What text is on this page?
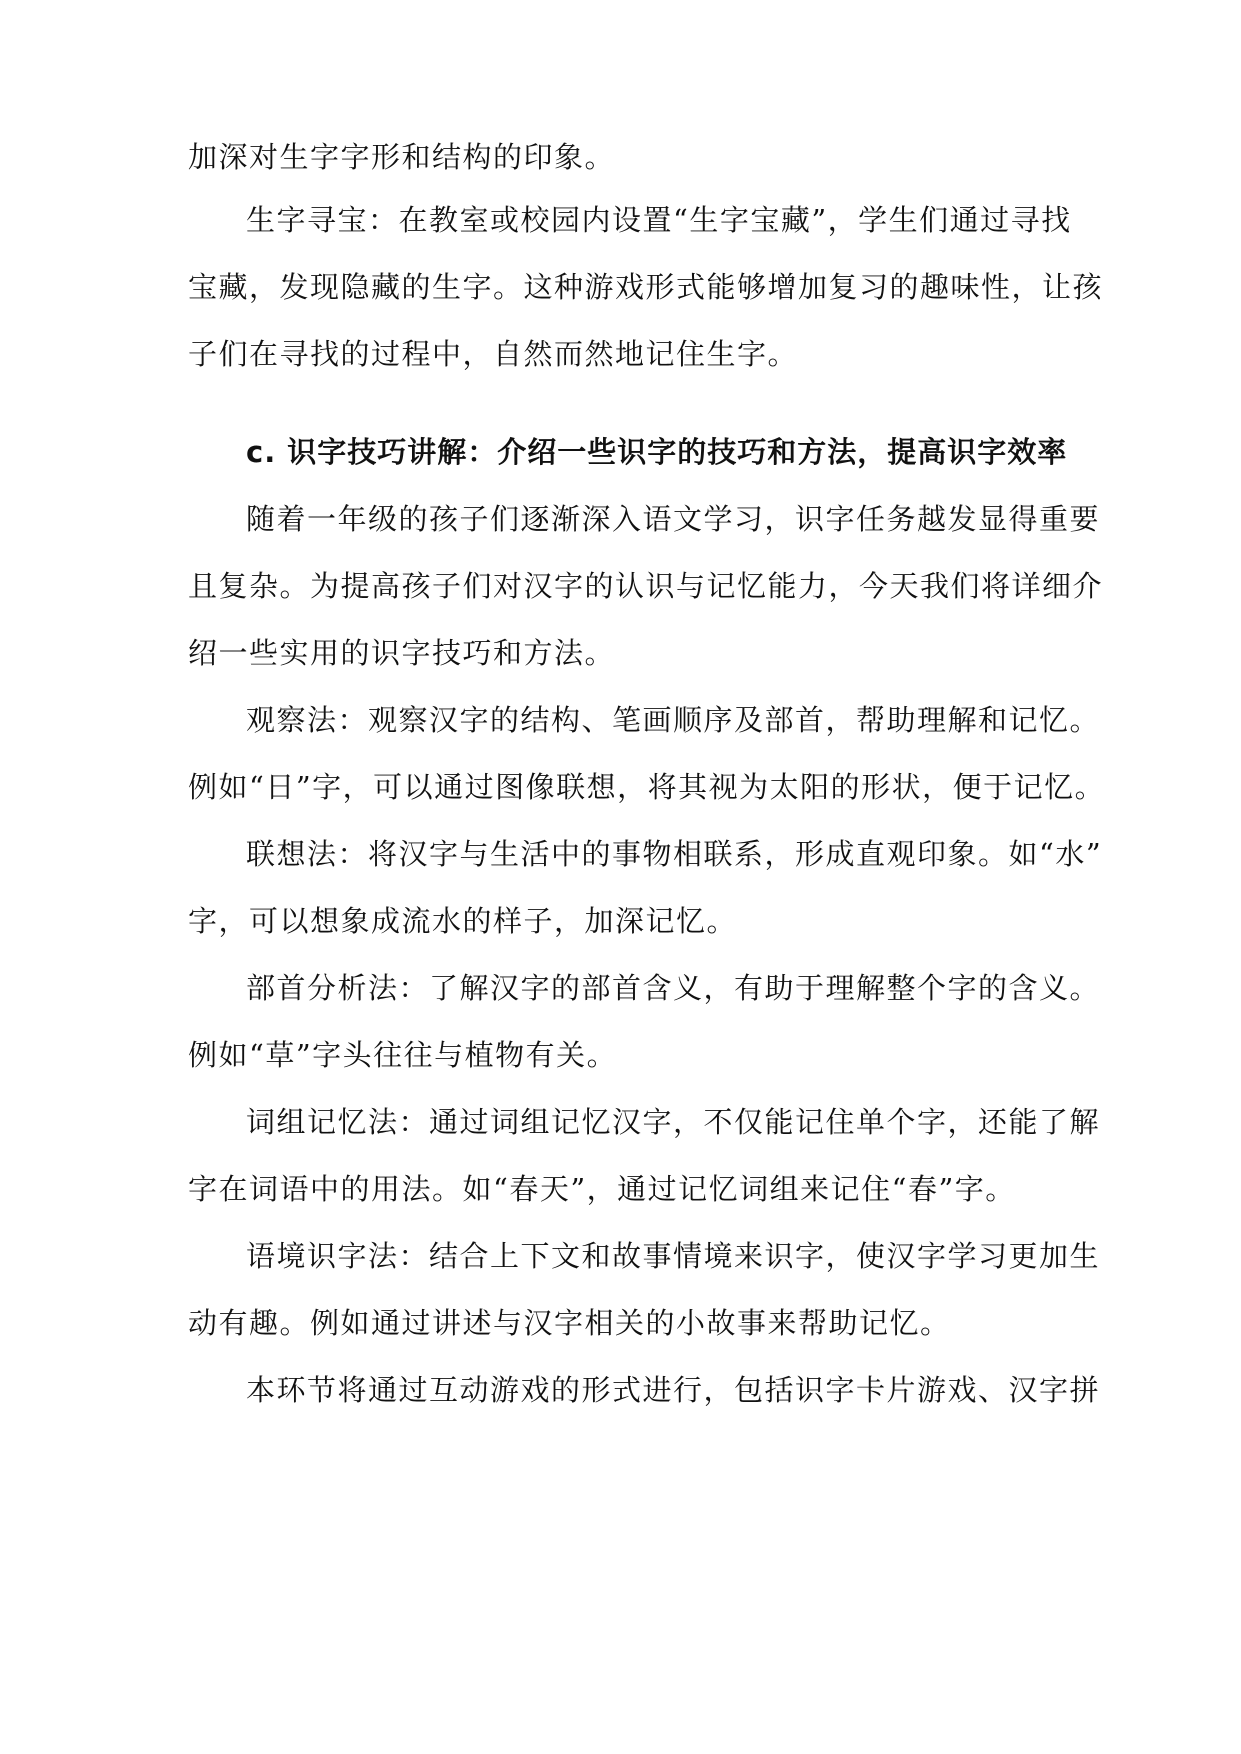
加深对生字字形和结构的印象。
生字寻宝：在教室或校园内设置“生字宝藏”，学生们通过寻找
宝藏，发现隐藏的生字。这种游戏形式能够增加复习的趣味性，让孩
子们在寻找的过程中，自然而然地记住生字。
c. 识字技巧讲解：介绍一些识字的技巧和方法，提高识字效率
随着一年级的孩子们逐渐深入语文学习，识字任务越发显得重要
且复杂。为提高孩子们对汉字的认识与记忆能力，今天我们将详细介
绍一些实用的识字技巧和方法。
观察法：观察汉字的结构、笔画顺序及部首，帮助理解和记忆。
例如“日”字，可以通过图像联想，将其视为太阳的形状，便于记忆。
联想法：将汉字与生活中的事物相联系，形成直观印象。如“水”
字，可以想象成流水的样子，加深记忆。
部首分析法：了解汉字的部首含义，有助于理解整个字的含义。
例如“草”字头往往与植物有关。
词组记忆法：通过词组记忆汉字，不仅能记住单个字，还能了解
字在词语中的用法。如“春天”，通过记忆词组来记住“春”字。
语境识字法：结合上下文和故事情境来识字，使汉字学习更加生
动有趣。例如通过讲述与汉字相关的小故事来帮助记忆。
本环节将通过互动游戏的形式进行，包括识字卡片游戏、汉字拼
